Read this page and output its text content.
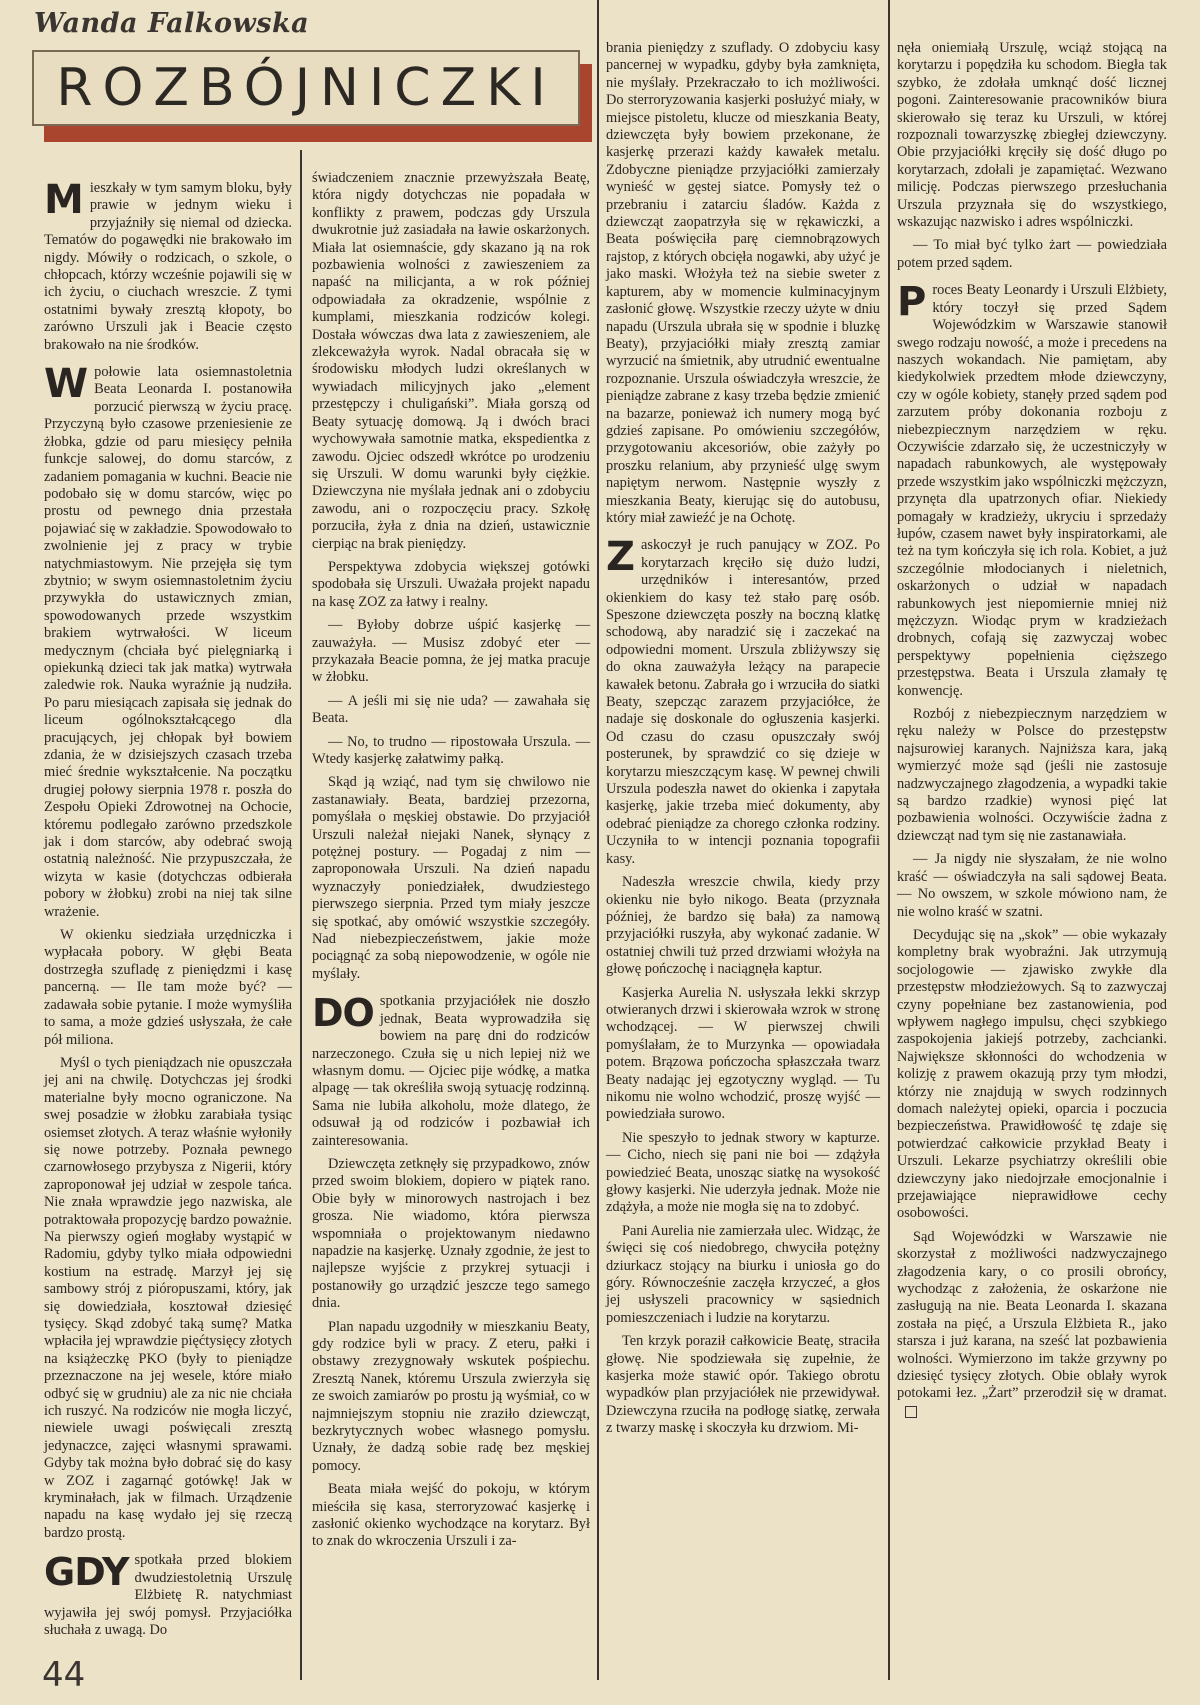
Wanda Falkowska
ROZBÓJNICZKI

Mieszkały w tym samym bloku, były prawie w jednym wieku i przyjaźniły się niemal od dziecka. Tematów do pogawędki nie brakowało im nigdy. Mówiły o rodzicach, o szkole, o chłopcach, którzy wcześnie pojawili się w ich życiu, o ciuchach wreszcie. Z tymi ostatnimi bywały zresztą kłopoty, bo zarówno Urszuli jak i Beacie często brakowało na nie środków.

Wpołowie lata osiemnastoletnia Beata Leonarda I. postanowiła porzucić pierwszą w życiu pracę. Przyczyną było czasowe przeniesienie ze żłobka, gdzie od paru miesięcy pełniła funkcje salowej, do domu starców, z zadaniem pomagania w kuchni. Beacie nie podobało się w domu starców, więc po prostu od pewnego dnia przestała pojawiać się w zakładzie. Spowodowało to zwolnienie jej z pracy w trybie natychmiastowym. Nie przejęła się tym zbytnio; w swym osiemnastoletnim życiu przywykła do ustawicznych zmian, spowodowanych przede wszystkim brakiem wytrwałości. W liceum medycznym (chciała być pielęgniarką i opiekunką dzieci tak jak matka) wytrwała zaledwie rok. Nauka wyraźnie ją nudziła. Po paru miesiącach zapisała się jednak do liceum ogólnokształcącego dla pracujących, jej chłopak był bowiem zdania, że w dzisiejszych czasach trzeba mieć średnie wykształcenie. Na początku drugiej połowy sierpnia 1978 r. poszła do Zespołu Opieki Zdrowotnej na Ochocie, któremu podlegało zarówno przedszkole jak i dom starców, aby odebrać swoją ostatnią należność. Nie przypuszczała, że wizyta w kasie (dotychczas odbierała pobory w żłobku) zrobi na niej tak silne wrażenie.

W okienku siedziała urzędniczka i wypłacała pobory. W głębi Beata dostrzegła szufladę z pieniędzmi i kasę pancerną. — Ile tam może być? — zadawała sobie pytanie. I może wymyśliła to sama, a może gdzieś usłyszała, że całe pół miliona.

Myśl o tych pieniądzach nie opuszczała jej ani na chwilę. Dotychczas jej środki materialne były mocno ograniczone. Na swej posadzie w żłobku zarabiała tysiąc osiemset złotych. A teraz właśnie wyłoniły się nowe potrzeby. Poznała pewnego czarnowłosego przybysza z Nigerii, który zaproponował jej udział w zespole tańca. Nie znała wprawdzie jego nazwiska, ale potraktowała propozycję bardzo poważnie. Na pierwszy ogień mogłaby wystąpić w Radomiu, gdyby tylko miała odpowiedni kostium na estradę. Marzył jej się sambowy strój z pióropuszami, który, jak się dowiedziała, kosztował dziesięć tysięcy. Skąd zdobyć taką sumę? Matka wpłaciła jej wprawdzie pięćtysięcy złotych na książeczkę PKO (były to pieniądze przeznaczone na jej wesele, które miało odbyć się w grudniu) ale za nic nie chciała ich ruszyć. Na rodziców nie mogła liczyć, niewiele uwagi poświęcali zresztą jedynaczce, zajęci własnymi sprawami. Gdyby tak można było dobrać się do kasy w ZOZ i zagarnąć gotówkę! Jak w kryminałach, jak w filmach. Urządzenie napadu na kasę wydało jej się rzeczą bardzo prostą.

GDY spotkała przed blokiem dwudziestoletnią Urszulę Elżbietę R. natychmiast wyjawiła jej swój pomysł. Przyjaciółka słuchała z uwagą. Do

świadczeniem znacznie przewyższała Beatę, która nigdy dotychczas nie popadała w konflikty z prawem, podczas gdy Urszula dwukrotnie już zasiadała na ławie oskarżonych. Miała lat osiemnaście, gdy skazano ją na rok pozbawienia wolności z zawieszeniem za napaść na milicjanta, a w rok później odpowiadała za okradzenie, wspólnie z kumplami, mieszkania rodziców kolegi. Dostała wówczas dwa lata z zawieszeniem, ale zlekceważyła wyrok. Nadal obracała się w środowisku młodych ludzi określanych w wywiadach milicyjnych jako „element przestępczy i chuligański”. Miała gorszą od Beaty sytuację domową. Ją i dwóch braci wychowywała samotnie matka, ekspedientka z zawodu. Ojciec odszedł wkrótce po urodzeniu się Urszuli. W domu warunki były ciężkie. Dziewczyna nie myślała jednak ani o zdobyciu zawodu, ani o rozpoczęciu pracy. Szkołę porzuciła, żyła z dnia na dzień, ustawicznie cierpiąc na brak pieniędzy.

Perspektywa zdobycia większej gotówki spodobała się Urszuli. Uważała projekt napadu na kasę ZOZ za łatwy i realny.

— Byłoby dobrze uśpić kasjerkę — zauważyła. — Musisz zdobyć eter — przykazała Beacie pomna, że jej matka pracuje w żłobku.

— A jeśli mi się nie uda? — zawahała się Beata.

— No, to trudno — ripostowała Urszula. — Wtedy kasjerkę załatwimy pałką.

Skąd ją wziąć, nad tym się chwilowo nie zastanawiały. Beata, bardziej przezorna, pomyślała o męskiej obstawie. Do przyjaciół Urszuli należał niejaki Nanek, słynący z potężnej postury. — Pogadaj z nim — zaproponowała Urszuli. Na dzień napadu wyznaczyły poniedziałek, dwudziestego pierwszego sierpnia. Przed tym miały jeszcze się spotkać, aby omówić wszystkie szczegóły. Nad niebezpieczeństwem, jakie może pociągnąć za sobą niepowodzenie, w ogóle nie myślały.

DO spotkania przyjaciółek nie doszło jednak, Beata wyprowadziła się bowiem na parę dni do rodziców narzeczonego. Czuła się u nich lepiej niż we własnym domu. — Ojciec pije wódkę, a matka alpagę — tak określiła swoją sytuację rodzinną. Sama nie lubiła alkoholu, może dlatego, że odsuwał ją od rodziców i pozbawiał ich zainteresowania.

Dziewczęta zetknęły się przypadkowo, znów przed swoim blokiem, dopiero w piątek rano. Obie były w minorowych nastrojach i bez grosza. Nie wiadomo, która pierwsza wspomniała o projektowanym niedawno napadzie na kasjerkę. Uznały zgodnie, że jest to najlepsze wyjście z przykrej sytuacji i postanowiły go urządzić jeszcze tego samego dnia.

Plan napadu uzgodniły w mieszkaniu Beaty, gdy rodzice byli w pracy. Z eteru, pałki i obstawy zrezygnowały wskutek pośpiechu. Zresztą Nanek, któremu Urszula zwierzyła się ze swoich zamiarów po prostu ją wyśmiał, co w najmniejszym stopniu nie zraziło dziewcząt, bezkrytycznych wobec własnego pomysłu. Uznały, że dadzą sobie radę bez męskiej pomocy.

Beata miała wejść do pokoju, w którym mieściła się kasa, sterroryzować kasjerkę i zasłonić okienko wychodzące na korytarz. Był to znak do wkroczenia Urszuli i za-

brania pieniędzy z szuflady. O zdobyciu kasy pancernej w wypadku, gdyby była zamknięta, nie myślały. Przekraczało to ich możliwości. Do sterroryzowania kasjerki posłużyć miały, w miejsce pistoletu, klucze od mieszkania Beaty, dziewczęta były bowiem przekonane, że kasjerkę przerazi każdy kawałek metalu. Zdobyczne pieniądze przyjaciółki zamierzały wynieść w gęstej siatce. Pomysły też o przebraniu i zatarciu śladów. Każda z dziewcząt zaopatrzyła się w rękawiczki, a Beata poświęciła parę ciemnobrązowych rajstop, z których obcięła nogawki, aby użyć je jako maski. Włożyła też na siebie sweter z kapturem, aby w momencie kulminacyjnym zasłonić głowę. Wszystkie rzeczy użyte w dniu napadu (Urszula ubrała się w spodnie i bluzkę Beaty), przyjaciółki miały zresztą zamiar wyrzucić na śmietnik, aby utrudnić ewentualne rozpoznanie. Urszula oświadczyła wreszcie, że pieniądze zabrane z kasy trzeba będzie zmienić na bazarze, ponieważ ich numery mogą być gdzieś zapisane. Po omówieniu szczegółów, przygotowaniu akcesoriów, obie zażyły po proszku relanium, aby przynieść ulgę swym napiętym nerwom. Następnie wyszły z mieszkania Beaty, kierując się do autobusu, który miał zawieźć je na Ochotę.

Zaskoczył je ruch panujący w ZOZ. Po korytarzach kręciło się dużo ludzi, urzędników i interesantów, przed okienkiem do kasy też stało parę osób. Speszone dziewczęta poszły na boczną klatkę schodową, aby naradzić się i zaczekać na odpowiedni moment. Urszula zbliżywszy się do okna zauważyła leżący na parapecie kawałek betonu. Zabrała go i wrzuciła do siatki Beaty, szepcząc zarazem przyjaciółce, że nadaje się doskonale do ogłuszenia kasjerki. Od czasu do czasu opuszczały swój posterunek, by sprawdzić co się dzieje w korytarzu mieszczącym kasę. W pewnej chwili Urszula podeszła nawet do okienka i zapytała kasjerkę, jakie trzeba mieć dokumenty, aby odebrać pieniądze za chorego członka rodziny. Uczyniła to w intencji poznania topografii kasy.

Nadeszła wreszcie chwila, kiedy przy okienku nie było nikogo. Beata (przyznała później, że bardzo się bała) za namową przyjaciółki ruszyła, aby wykonać zadanie. W ostatniej chwili tuż przed drzwiami włożyła na głowę pończochę i naciągnęła kaptur.

Kasjerka Aurelia N. usłyszała lekki skrzyp otwieranych drzwi i skierowała wzrok w stronę wchodzącej. — W pierwszej chwili pomyślałam, że to Murzynka — opowiadała potem. Brązowa pończocha spłaszczała twarz Beaty nadając jej egzotyczny wygląd. — Tu nikomu nie wolno wchodzić, proszę wyjść — powiedziała surowo.

Nie speszyło to jednak stwory w kapturze. — Cicho, niech się pani nie boi — zdążyła powiedzieć Beata, unosząc siatkę na wysokość głowy kasjerki. Nie uderzyła jednak. Może nie zdążyła, a może nie mogła się na to zdobyć.

Pani Aurelia nie zamierzała ulec. Widząc, że święci się coś niedobrego, chwyciła potężny dziurkacz stojący na biurku i uniosła go do góry. Równocześnie zaczęła krzyczeć, a głos jej usłyszeli pracownicy w sąsiednich pomieszczeniach i ludzie na korytarzu.

Ten krzyk poraził całkowicie Beatę, straciła głowę. Nie spodziewała się zupełnie, że kasjerka może stawić opór. Takiego obrotu wypadków plan przyjaciółek nie przewidywał. Dziewczyna rzuciła na podłogę siatkę, zerwała z twarzy maskę i skoczyła ku drzwiom. Mi-

nęła oniemiałą Urszulę, wciąż stojącą na korytarzu i popędziła ku schodom. Biegła tak szybko, że zdołała umknąć dość licznej pogoni. Zainteresowanie pracowników biura skierowało się teraz ku Urszuli, w której rozpoznali towarzyszkę zbiegłej dziewczyny. Obie przyjaciółki kręciły się dość długo po korytarzach, zdołali je zapamiętać. Wezwano milicję. Podczas pierwszego przesłuchania Urszula przyznała się do wszystkiego, wskazując nazwisko i adres wspólniczki.

— To miał być tylko żart — powiedziała potem przed sądem.

Proces Beaty Leonardy i Urszuli Elżbiety, który toczył się przed Sądem Wojewódzkim w Warszawie stanowił swego rodzaju nowość, a może i precedens na naszych wokandach. Nie pamiętam, aby kiedykolwiek przedtem młode dziewczyny, czy w ogóle kobiety, stanęły przed sądem pod zarzutem próby dokonania rozboju z niebezpiecznym narzędziem w ręku. Oczywiście zdarzało się, że uczestniczyły w napadach rabunkowych, ale występowały przede wszystkim jako wspólniczki mężczyzn, przynęta dla upatrzonych ofiar. Niekiedy pomagały w kradzieży, ukryciu i sprzedaży łupów, czasem nawet były inspiratorkami, ale też na tym kończyła się ich rola. Kobiet, a już szczególnie młodocianych i nieletnich, oskarżonych o udział w napadach rabunkowych jest niepomiernie mniej niż mężczyzn. Wiodąc prym w kradzieżach drobnych, cofają się zazwyczaj wobec perspektywy popełnienia cięższego przestępstwa. Beata i Urszula złamały tę konwencję.

Rozbój z niebezpiecznym narzędziem w ręku należy w Polsce do przestępstw najsurowiej karanych. Najniższa kara, jaką wymierzyć może sąd (jeśli nie zastosuje nadzwyczajnego złagodzenia, a wypadki takie są bardzo rzadkie) wynosi pięć lat pozbawienia wolności. Oczywiście żadna z dziewcząt nad tym się nie zastanawiała.

— Ja nigdy nie słyszałam, że nie wolno kraść — oświadczyła na sali sądowej Beata. — No owszem, w szkole mówiono nam, że nie wolno kraść w szatni.

Decydując się na „skok” — obie wykazały kompletny brak wyobraźni. Jak utrzymują socjologowie — zjawisko zwykłe dla przestępstw młodzieżowych. Są to zazwyczaj czyny popełniane bez zastanowienia, pod wpływem nagłego impulsu, chęci szybkiego zaspokojenia jakiejś potrzeby, zachcianki. Największe skłonności do wchodzenia w kolizję z prawem okazują przy tym młodzi, którzy nie znajdują w swych rodzinnych domach należytej opieki, oparcia i poczucia bezpieczeństwa. Prawidłowość tę zdaje się potwierdzać całkowicie przykład Beaty i Urszuli. Lekarze psychiatrzy określili obie dziewczyny jako niedojrzałe emocjonalnie i przejawiające nieprawidłowe cechy osobowości.

Sąd Wojewódzki w Warszawie nie skorzystał z możliwości nadzwyczajnego złagodzenia kary, o co prosili obrońcy, wychodząc z założenia, że oskarżone nie zasługują na nie. Beata Leonarda I. skazana została na pięć, a Urszula Elżbieta R., jako starsza i już karana, na sześć lat pozbawienia wolności. Wymierzono im także grzywny po dziesięć tysięcy złotych. Obie oblały wyrok potokami łez. „Żart” przerodził się w dramat.

44
